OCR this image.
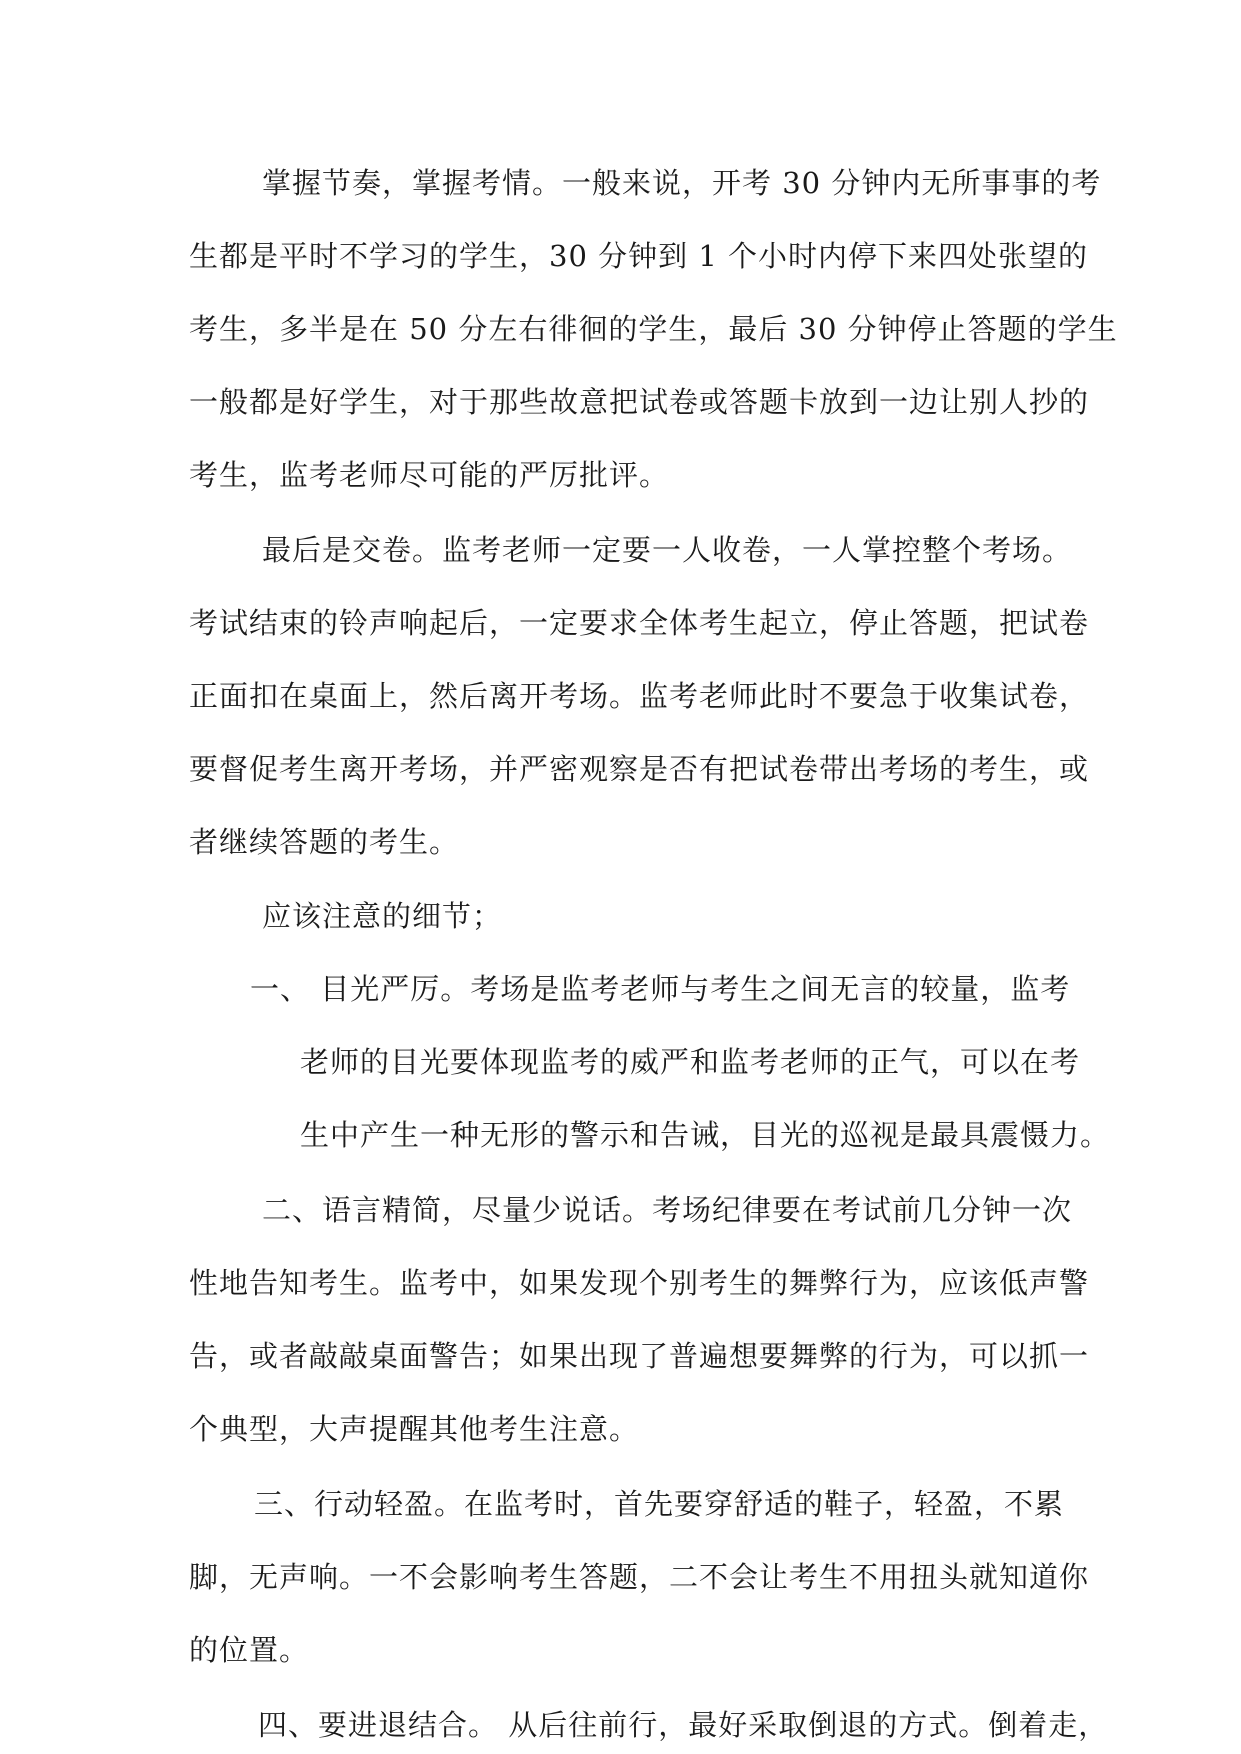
掌握节奏，掌握考情。一般来说，开考 30 分钟内无所事事的考
生都是平时不学习的学生，30 分钟到 1 个小时内停下来四处张望的
考生，多半是在 50 分左右徘徊的学生，最后 30 分钟停止答题的学生
一般都是好学生，对于那些故意把试卷或答题卡放到一边让别人抄的
考生，监考老师尽可能的严厉批评。
最后是交卷。监考老师一定要一人收卷，一人掌控整个考场。
考试结束的铃声响起后，一定要求全体考生起立，停止答题，把试卷
正面扣在桌面上，然后离开考场。监考老师此时不要急于收集试卷，
要督促考生离开考场，并严密观察是否有把试卷带出考场的考生，或
者继续答题的考生。
应该注意的细节；
一、 目光严厉。考场是监考老师与考生之间无言的较量，监考
老师的目光要体现监考的威严和监考老师的正气，可以在考
生中产生一种无形的警示和告诫，目光的巡视是最具震慑力。
二、语言精简，尽量少说话。考场纪律要在考试前几分钟一次
性地告知考生。监考中，如果发现个别考生的舞弊行为，应该低声警
告，或者敲敲桌面警告；如果出现了普遍想要舞弊的行为，可以抓一
个典型，大声提醒其他考生注意。
三、行动轻盈。在监考时，首先要穿舒适的鞋子，轻盈，不累
脚，无声响。一不会影响考生答题，二不会让考生不用扭头就知道你
的位置。
四、要进退结合。 从后往前行，最好采取倒退的方式。倒着走，
